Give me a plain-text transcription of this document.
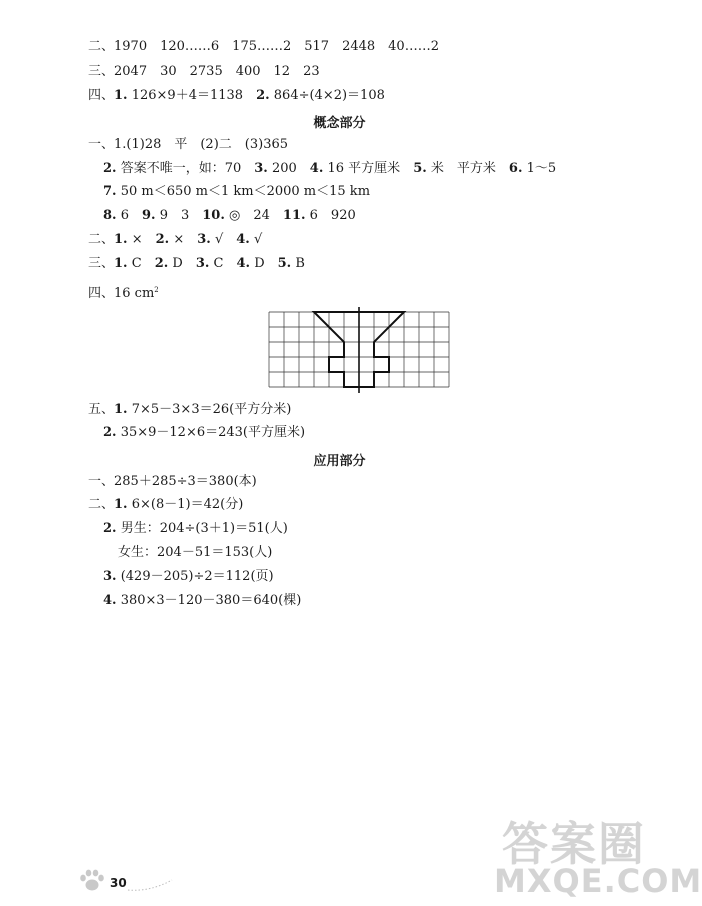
二、1970　120……6　175……2　517　2448　40……2
三、2047　30　2735　400　12　23
四、1. 126×9＋4＝1138　2. 864÷(4×2)＝108
概念部分
一、1.(1)28　平　(2)二　(3)365
2. 答案不唯一，如：70　3. 200　4. 16 平方厘米　5. 米　平方米　6. 1～5
7. 50 m＜650 m＜1 km＜2000 m＜15 km
8. 6　9. 9　3　10. ◎　24　11. 6　920
二、1. ×　2. ×　3. √　4. √
三、1. C　2. D　3. C　4. D　5. B
四、16 $cm^2$
五、1. 7×5－3×3＝26(平方分米)
2. 35×9－12×6＝243(平方厘米)
应用部分
一、285＋285÷3＝380(本)
二、1. 6×(8－1)＝42(分)
2. 男生：204÷(3＋1)＝51(人)
女生：204－51＝153(人)
3. (429－205)÷2＝112(页)
4. 380×3－120－380＝640(棵)
30
答案圈
MXQE.COM
